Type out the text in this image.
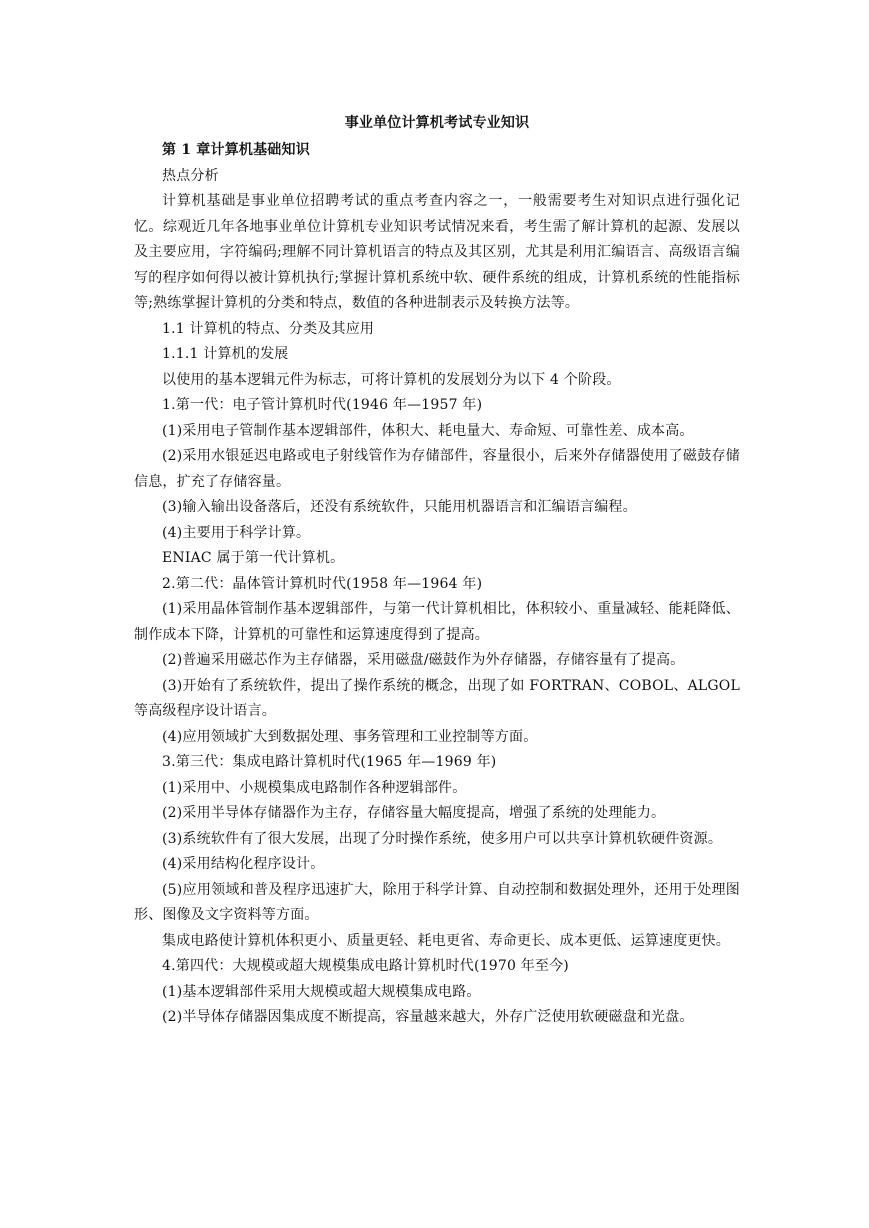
事业单位计算机考试专业知识
第 1 章计算机基础知识

热点分析

计算机基础是事业单位招聘考试的重点考查内容之一，一般需要考生对知识点进行强化记忆。综观近几年各地事业单位计算机专业知识考试情况来看，考生需了解计算机的起源、发展以及主要应用，字符编码;理解不同计算机语言的特点及其区别，尤其是利用汇编语言、高级语言编写的程序如何得以被计算机执行;掌握计算机系统中软、硬件系统的组成，计算机系统的性能指标等;熟练掌握计算机的分类和特点，数值的各种进制表示及转换方法等。

1.1 计算机的特点、分类及其应用

1.1.1 计算机的发展

以使用的基本逻辑元件为标志，可将计算机的发展划分为以下 4 个阶段。

1.第一代：电子管计算机时代(1946 年—1957 年)

(1)采用电子管制作基本逻辑部件，体积大、耗电量大、寿命短、可靠性差、成本高。

(2)采用水银延迟电路或电子射线管作为存储部件，容量很小，后来外存储器使用了磁鼓存储信息，扩充了存储容量。

(3)输入输出设备落后，还没有系统软件，只能用机器语言和汇编语言编程。

(4)主要用于科学计算。

ENIAC 属于第一代计算机。

2.第二代：晶体管计算机时代(1958 年—1964 年)

(1)采用晶体管制作基本逻辑部件，与第一代计算机相比，体积较小、重量减轻、能耗降低、制作成本下降，计算机的可靠性和运算速度得到了提高。

(2)普遍采用磁芯作为主存储器，采用磁盘/磁鼓作为外存储器，存储容量有了提高。

(3)开始有了系统软件，提出了操作系统的概念，出现了如 FORTRAN、COBOL、ALGOL 等高级程序设计语言。

(4)应用领域扩大到数据处理、事务管理和工业控制等方面。

3.第三代：集成电路计算机时代(1965 年—1969 年)

(1)采用中、小规模集成电路制作各种逻辑部件。

(2)采用半导体存储器作为主存，存储容量大幅度提高，增强了系统的处理能力。

(3)系统软件有了很大发展，出现了分时操作系统，使多用户可以共享计算机软硬件资源。

(4)采用结构化程序设计。

(5)应用领域和普及程序迅速扩大，除用于科学计算、自动控制和数据处理外，还用于处理图形、图像及文字资料等方面。

集成电路使计算机体积更小、质量更轻、耗电更省、寿命更长、成本更低、运算速度更快。

4.第四代：大规模或超大规模集成电路计算机时代(1970 年至今)

(1)基本逻辑部件采用大规模或超大规模集成电路。

(2)半导体存储器因集成度不断提高，容量越来越大，外存广泛使用软硬磁盘和光盘。
